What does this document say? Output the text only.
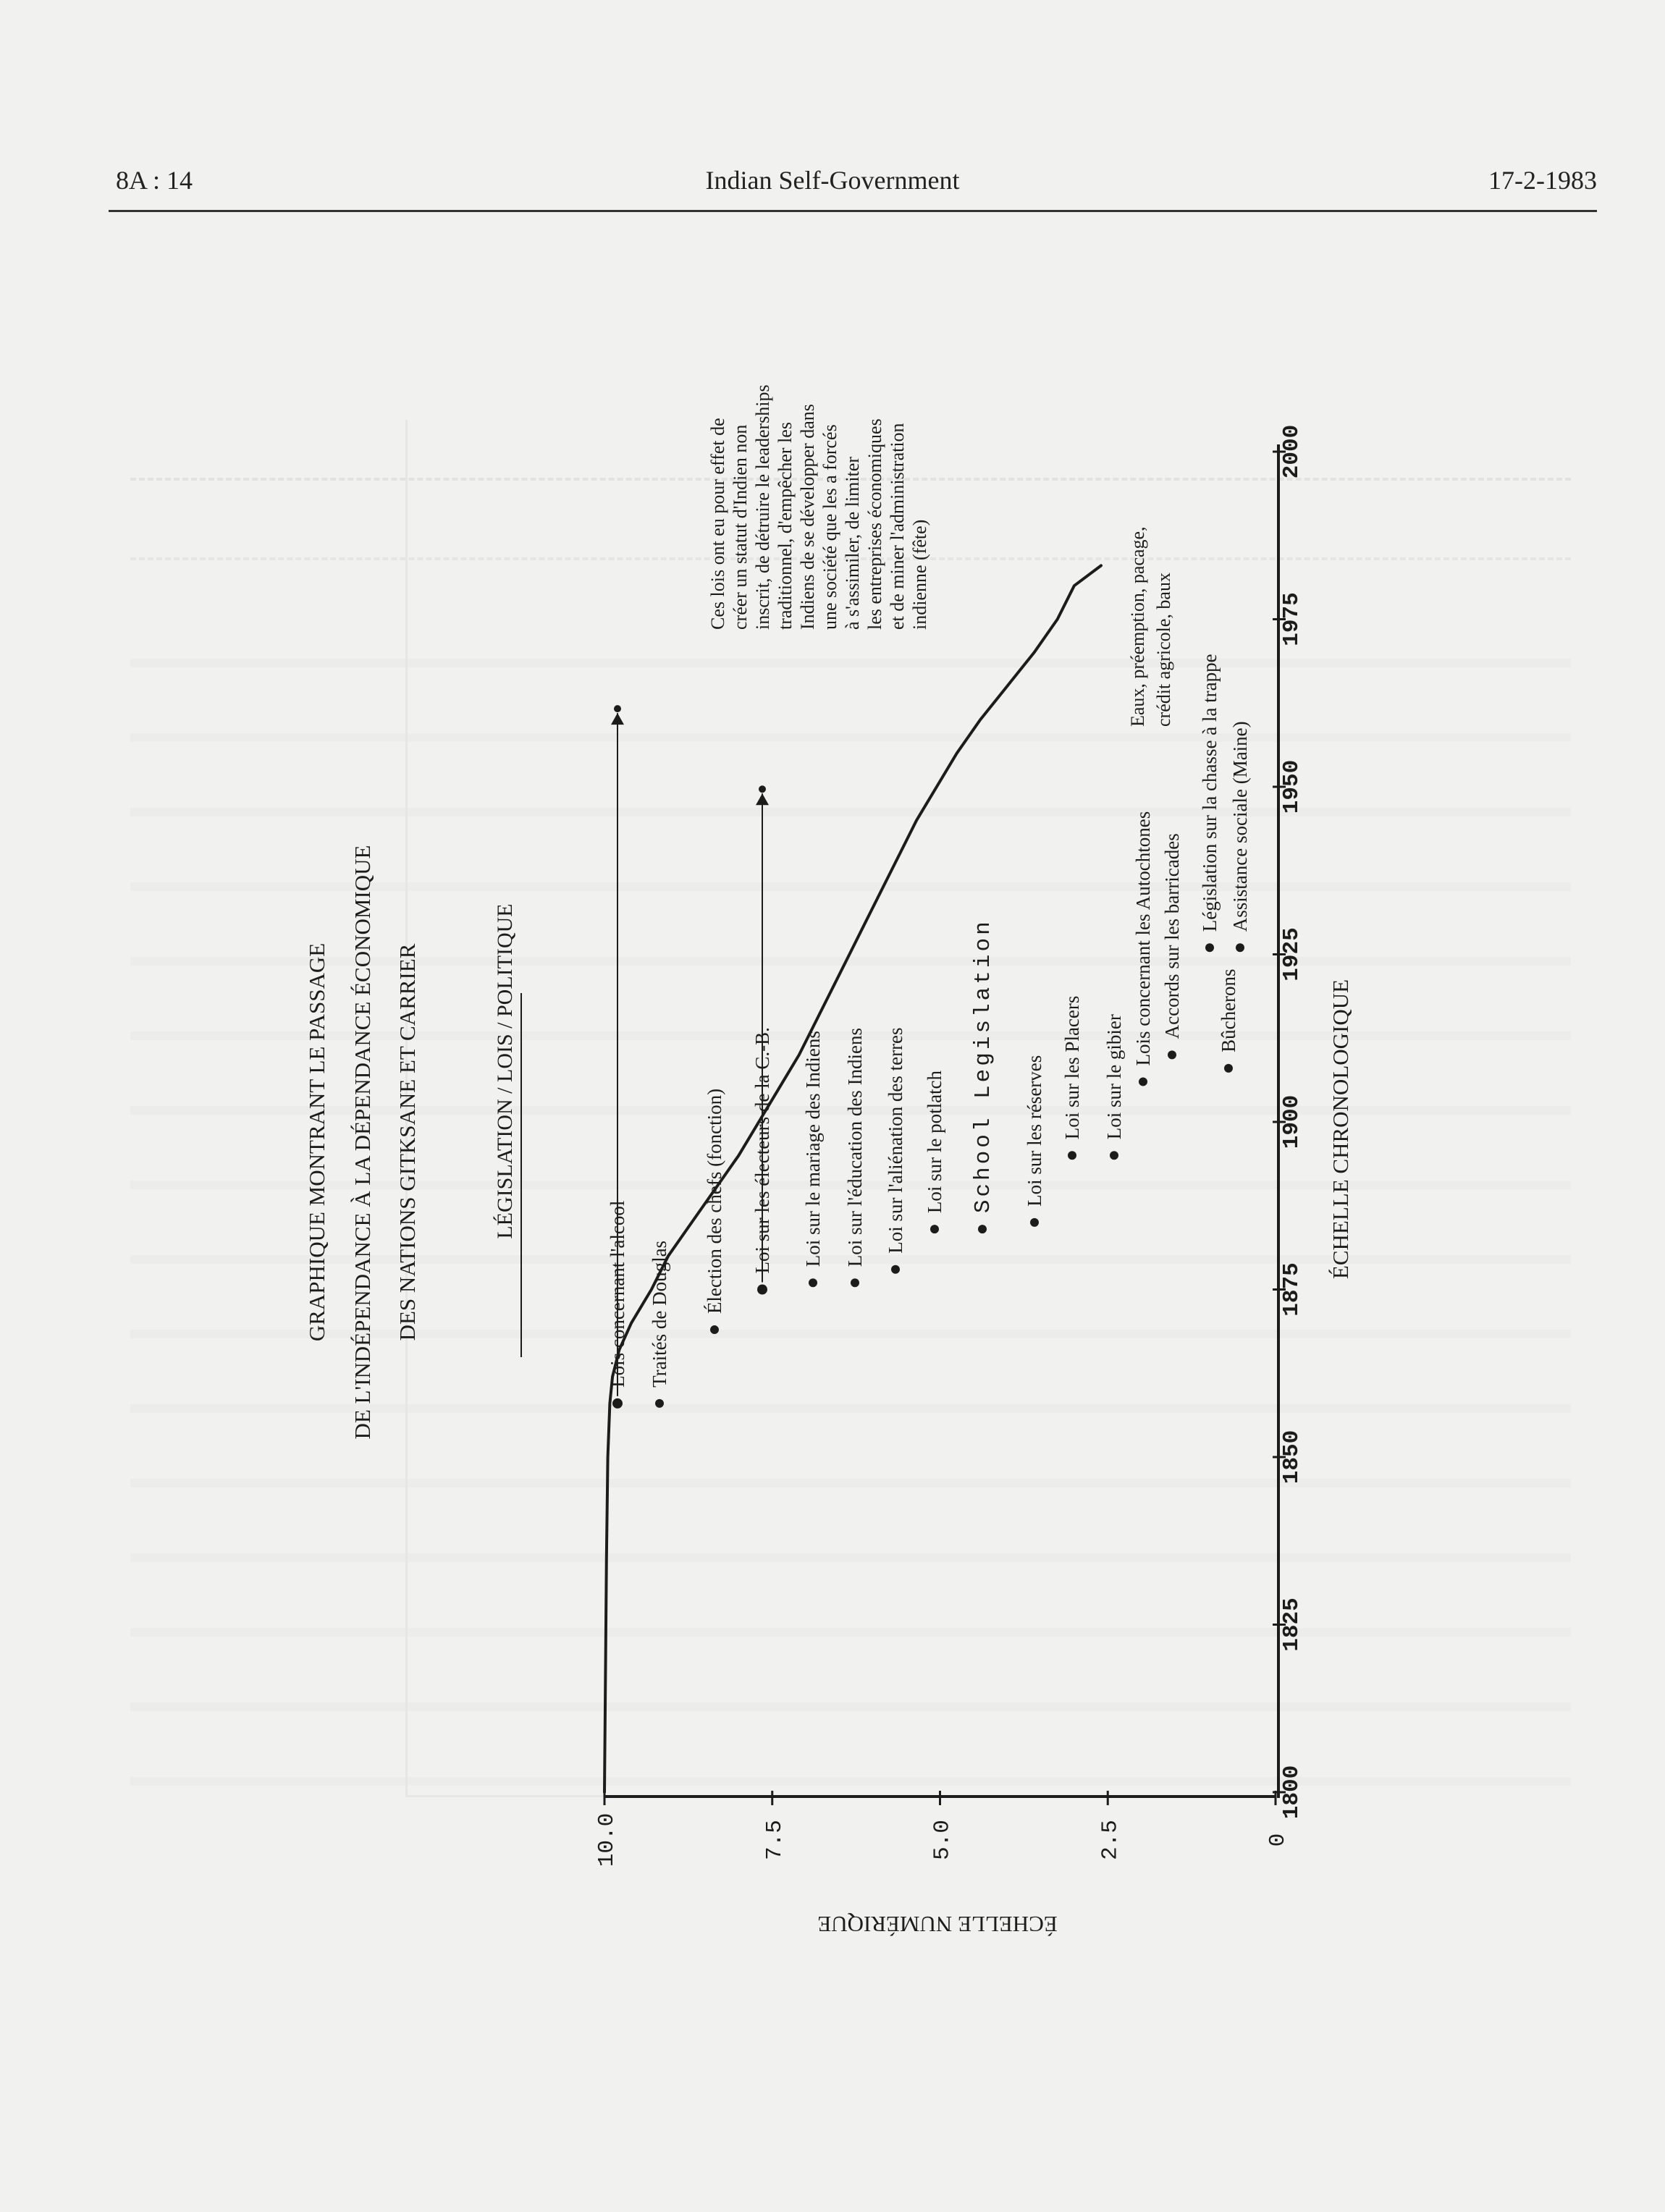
8A : 14	Indian Self-Government	17-2-1983
1800
1825
1850
1875
1900
1925
1950
1975
2000
0
2.5
5.0
7.5
10.0
ÉCHELLE CHRONOLOGIQUE
ÉCHELLE NUMÉRIQUE
GRAPHIQUE MONTRANT LE PASSAGE DE L'INDÉPENDANCE À LA DÉPENDANCE ÉCONOMIQUE DES NATIONS GITKSANE ET CARRIER	LÉGISLATION / LOIS / POLITIQUE
Lois concernant l'alcool Traités de Douglas
Élection des chefs (fonction) Loi sur les électeurs de la C.-B. Loi sur le mariage des Indiens Loi sur l'éducation des Indiens Loi sur l'aliénation des terres Loi sur le potlatch School Legislation Loi sur les réserves Loi sur les Placers Loi sur le gibier
Lois concernant les Autochtones Accords sur les barricades Bûcherons
Législation sur la chasse à la trappe Assistance sociale (Maine)
Eaux, préemption, pacage, crédit agricole, baux
Ces lois ont eu pour effet de créer un statut d'Indien non inscrit, de détruire le leaderships traditionnel, d'empêcher les Indiens de se développer dans une société que les a forcés à s'assimiler, de limiter les entreprises économiques et de miner l'administration indienne (fête)
